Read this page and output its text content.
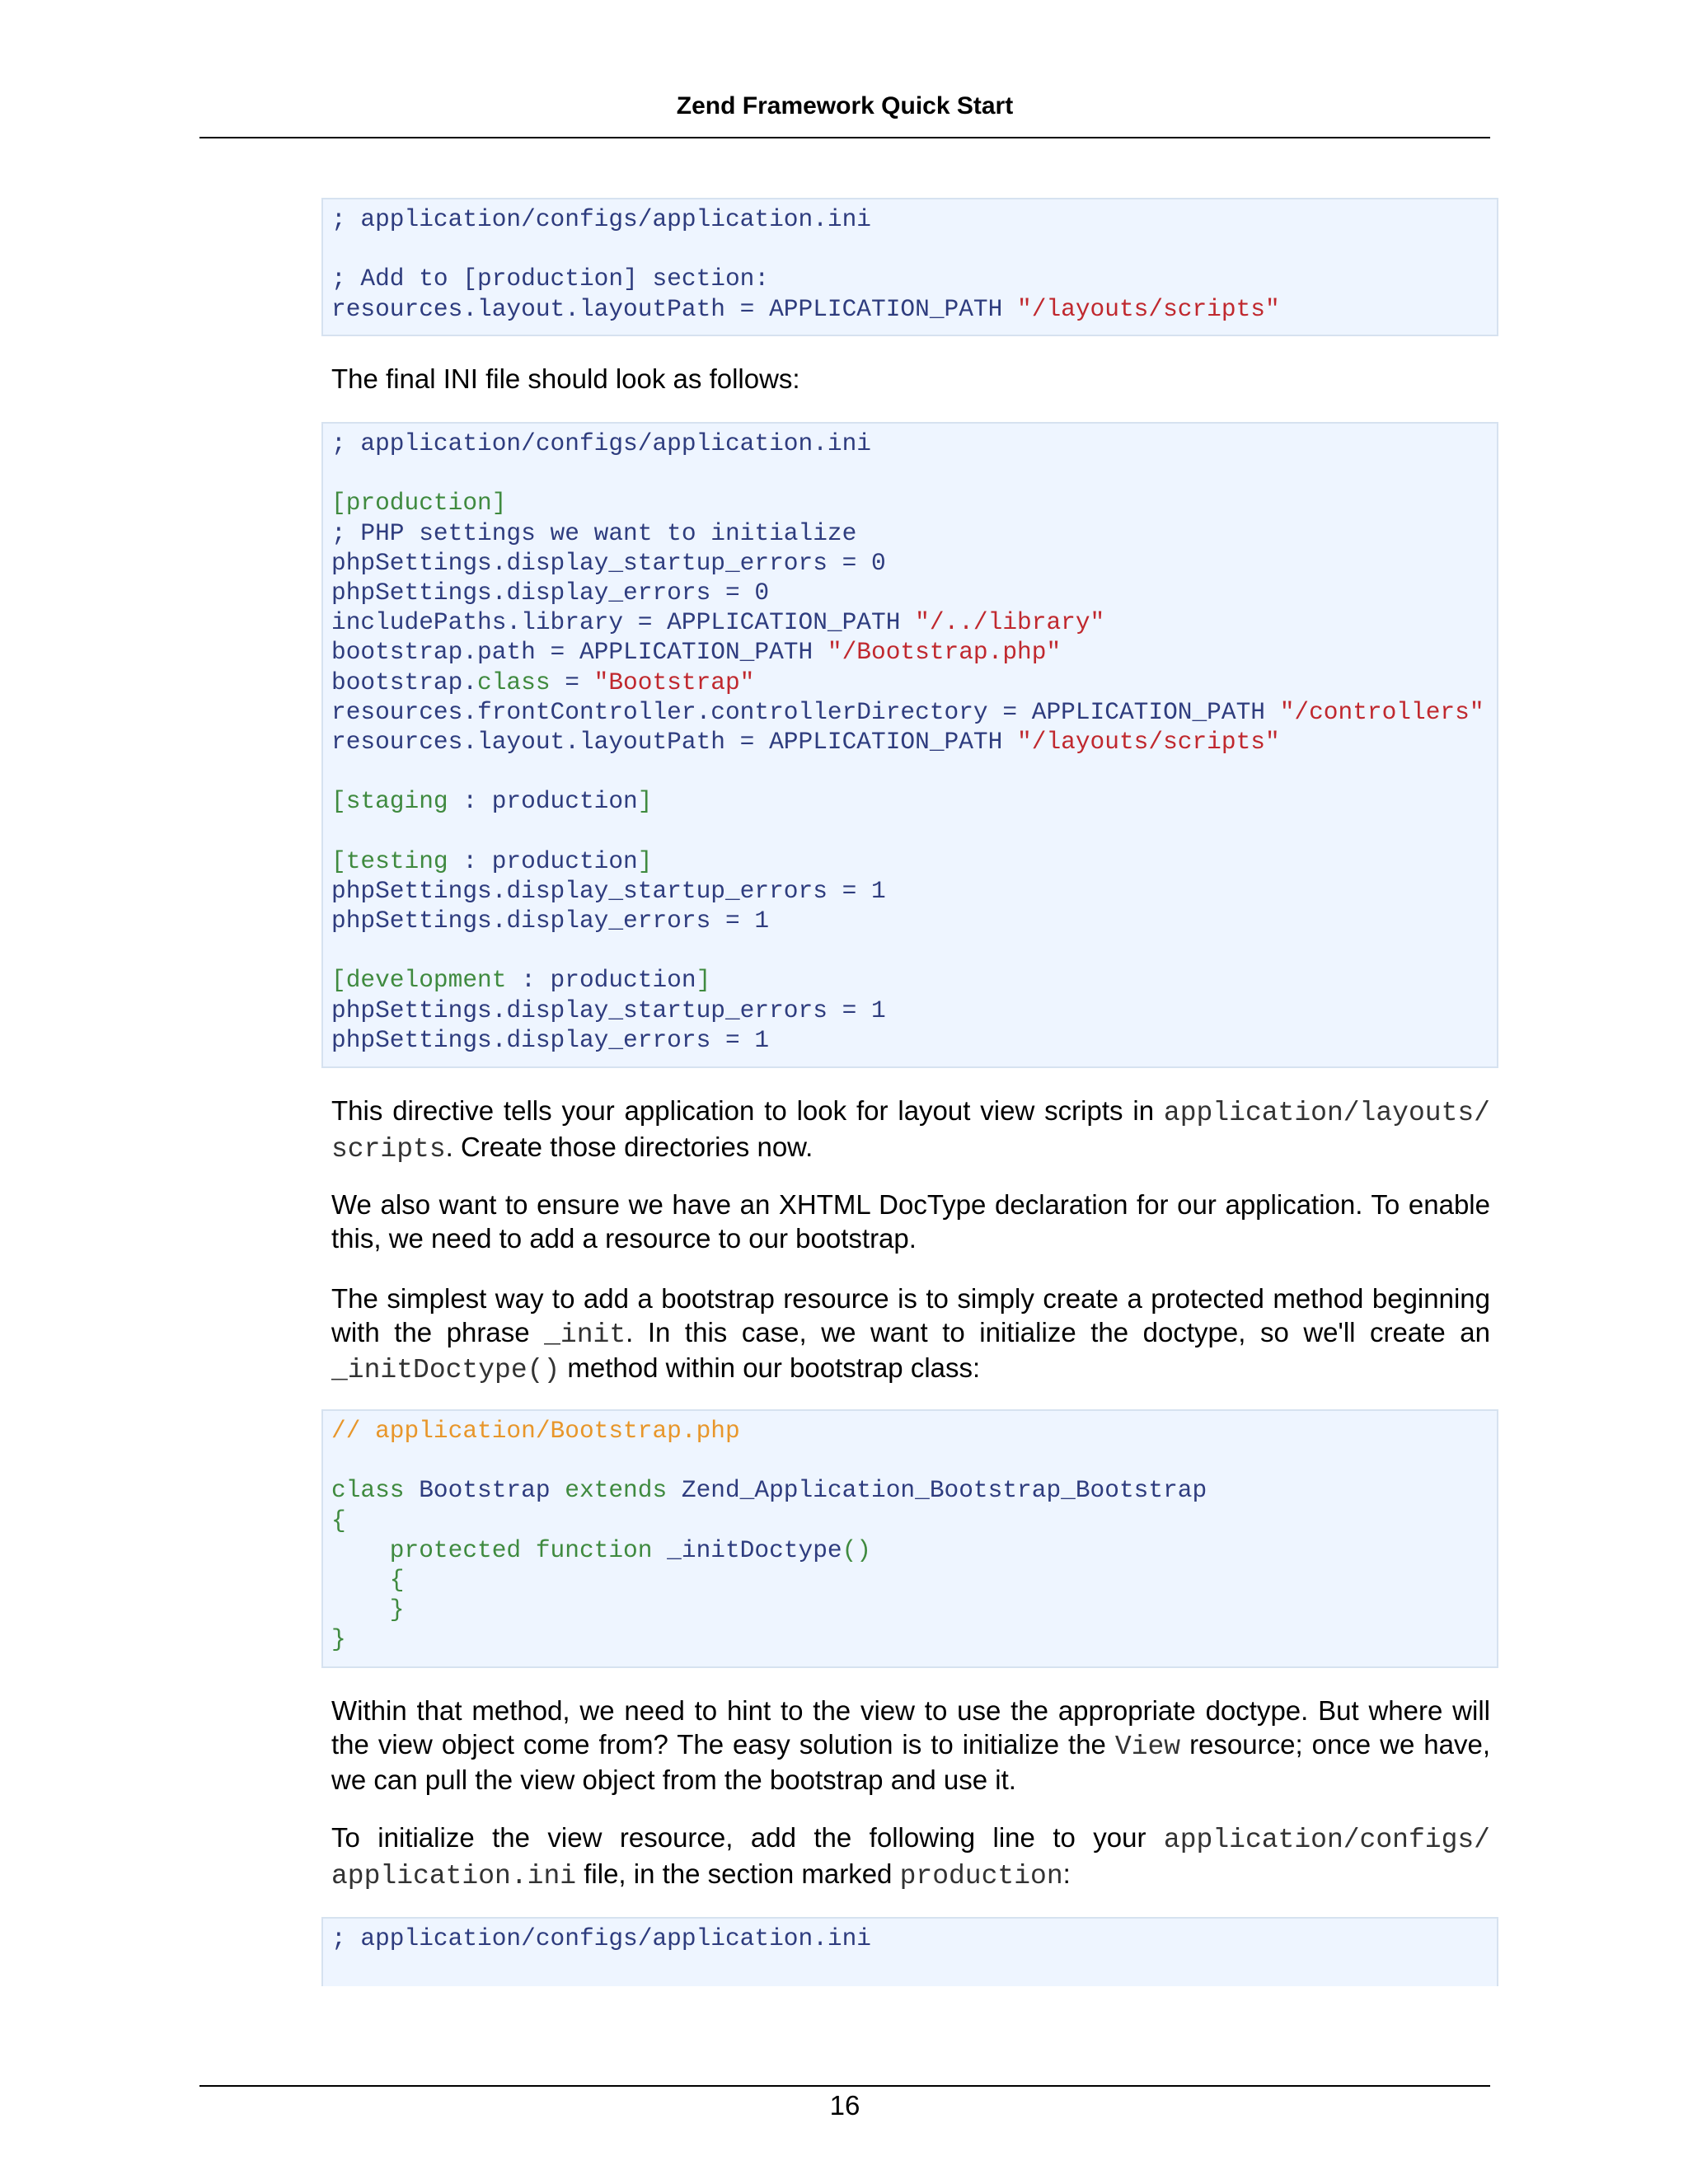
Zend Framework Quick Start
; application/configs/application.ini
; Add to [production] section:
resources.layout.layoutPath = APPLICATION_PATH "/layouts/scripts"
The final INI file should look as follows:
; application/configs/application.ini
[production]
; PHP settings we want to initialize
phpSettings.display_startup_errors = 0
phpSettings.display_errors = 0
includePaths.library = APPLICATION_PATH "/../library"
bootstrap.path = APPLICATION_PATH "/Bootstrap.php"
bootstrap.class = "Bootstrap"
resources.frontController.controllerDirectory = APPLICATION_PATH "/controllers"
resources.layout.layoutPath = APPLICATION_PATH "/layouts/scripts"
[staging : production]
[testing : production]
phpSettings.display_startup_errors = 1
phpSettings.display_errors = 1
[development : production]
phpSettings.display_startup_errors = 1
phpSettings.display_errors = 1
This directive tells your application to look for layout view scripts in application/layouts/ scripts. Create those directories now.
We also want to ensure we have an XHTML DocType declaration for our application. To enable this, we need to add a resource to our bootstrap.
The simplest way to add a bootstrap resource is to simply create a protected method beginning with the phrase _init. In this case, we want to initialize the doctype, so we'll create an _initDoctype() method within our bootstrap class:
// application/Bootstrap.php
class Bootstrap extends Zend_Application_Bootstrap_Bootstrap
{
protected function _initDoctype()
{
}
}
Within that method, we need to hint to the view to use the appropriate doctype. But where will the view object come from? The easy solution is to initialize the View resource; once we have, we can pull the view object from the bootstrap and use it.
To initialize the view resource, add the following line to your application/configs/ application.ini file, in the section marked production:
; application/configs/application.ini
16
